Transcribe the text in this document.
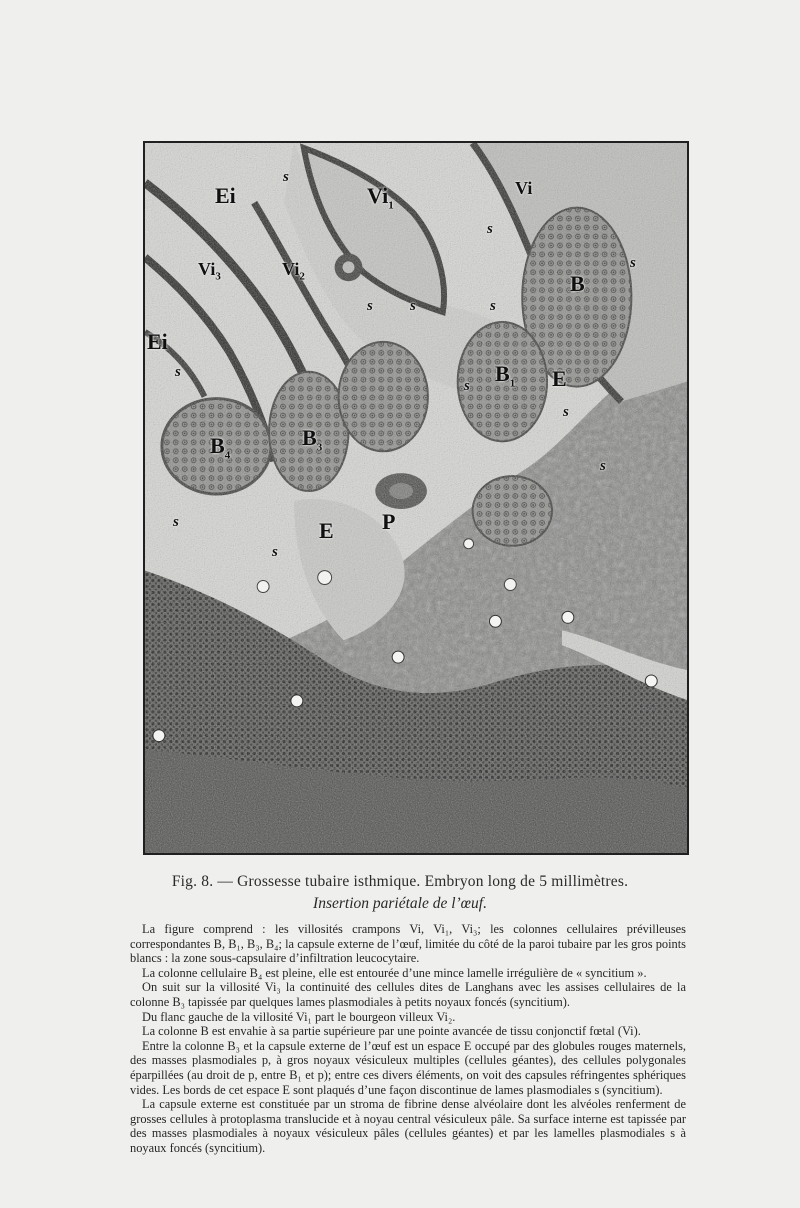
Ei	$Vi_1$
Vi
$Vi_3$	$Vi_2$	B
Ei
$B_1$ E
$B_4$
$B_3$
E P
s
s s
s
s
s
s
s
s
s
s
s
Fig. 8. — Grossesse tubaire isthmique. Embryon long de 5 millimètres.
Insertion pariétale de l’œuf.

La figure comprend : les villosités crampons Vi, Vi₁, Vi₃; les colonnes cellulaires prévilleuses correspondantes B, B₁, B₃, B₄; la capsule externe de l’œuf, limitée du côté de la paroi tubaire par les gros points blancs : la zone sous-capsulaire d’infiltration leucocytaire.

La colonne cellulaire B₄ est pleine, elle est entourée d’une mince lamelle irrégulière de « syncitium ».

On suit sur la villosité Vi₃ la continuité des cellules dites de Langhans avec les assises cellulaires de la colonne B₃ tapissée par quelques lames plasmodiales à petits noyaux foncés (syncitium).

Du flanc gauche de la villosité Vi₁ part le bourgeon villeux Vi₂.

La colonne B est envahie à sa partie supérieure par une pointe avancée de tissu conjonctif fœtal (Vi).

Entre la colonne B₃ et la capsule externe de l’œuf est un espace E occupé par des globules rouges maternels, des masses plasmodiales p, à gros noyaux vésiculeux multiples (cellules géantes), des cellules polygonales éparpillées (au droit de p, entre B₁ et p); entre ces divers éléments, on voit des capsules réfringentes sphériques vides. Les bords de cet espace E sont plaqués d’une façon discontinue de lames plasmodiales s (syncitium).

La capsule externe est constituée par un stroma de fibrine dense alvéolaire dont les alvéoles renferment de grosses cellules à protoplasma translucide et à noyau central vésiculeux pâle. Sa surface interne est tapissée par des masses plasmodiales à noyaux vésiculeux pâles (cellules géantes) et par les lamelles plasmodiales s à noyaux foncés (syncitium).
